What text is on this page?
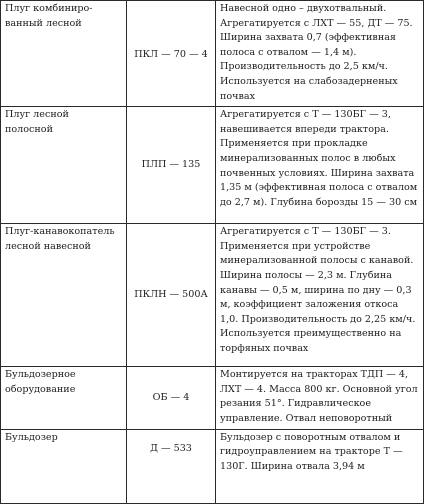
Плуг комбиниро-ванный лесной	ПКЛ — 70 — 4	Навесной одно – двухотвальный. Агрегатируется с ЛХТ — 55, ДТ — 75. Ширина захвата 0,7 (эффективная полоса с отвалом — 1,4 м). Производительность до 2,5 км/ч. Используется на слабозадерненых почвах

Плуг лесной полосной	ПЛП — 135	Агрегатируется с Т — 130БГ — 3, навешивается впереди трактора. Применяется при прокладке минерализованных полос в любых почвенных условиях. Ширина захвата 1,35 м (эффективная полоса с отвалом до 2,7 м). Глубина борозды 15 — 30 см

Плуг-канавокопатель лесной навесной	ПКЛН — 500А	Агрегатируется с Т — 130БГ — 3. Применяется при устройстве минерализованной полосы с канавой. Ширина полосы — 2,3 м. Глубина канавы — 0,5 м, ширина по дну — 0,3 м, коэффициент заложения откоса 1,0. Производительность до 2,25 км/ч. Используется преимущественно на торфяных почвах

Бульдозерное оборудование	ОБ — 4	Монтируется на тракторах ТДП — 4, ЛХТ — 4. Масса 800 кг. Основной угол резания 51°. Гидравлическое управление. Отвал неповоротный

Бульдозер	Д — 533	Бульдозер с поворотным отвалом и гидроуправлением на тракторе Т — 130Г. Ширина отвала 3,94 м
